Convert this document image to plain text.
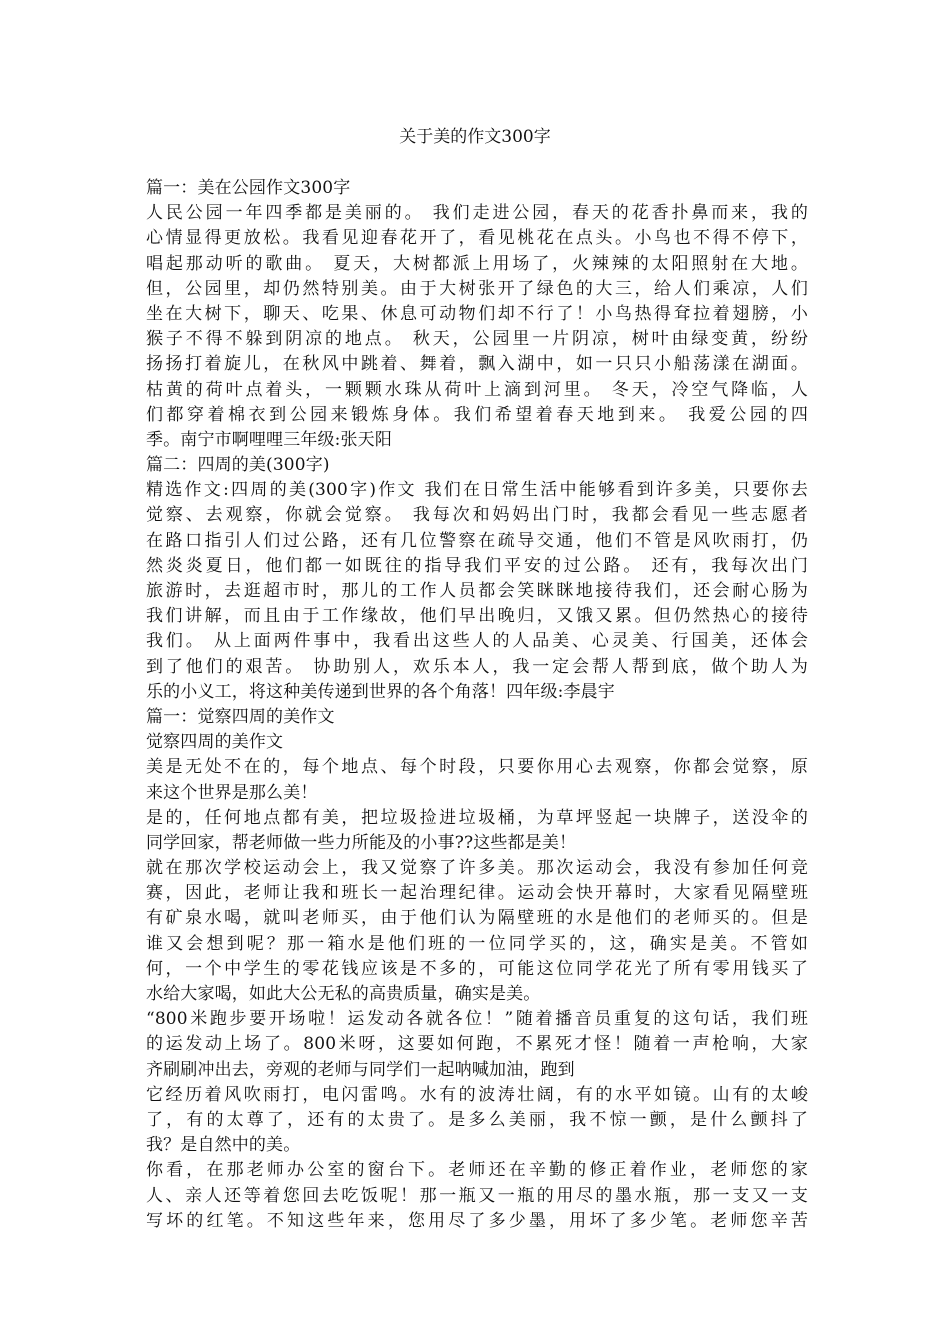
关于美的作文300字
篇一：美在公园作文300字
人民公园一年四季都是美丽的。 我们走进公园，春天的花香扑鼻而来，我的
心情显得更放松。我看见迎春花开了，看见桃花在点头。小鸟也不得不停下，
唱起那动听的歌曲。 夏天，大树都派上用场了，火辣辣的太阳照射在大地。
但，公园里，却仍然特别美。由于大树张开了绿色的大三，给人们乘凉，人们
坐在大树下，聊天、吃果、休息可动物们却不行了！小鸟热得耷拉着翅膀，小
猴子不得不躲到阴凉的地点。 秋天，公园里一片阴凉，树叶由绿变黄，纷纷
扬扬打着旋儿，在秋风中跳着、舞着，飘入湖中，如一只只小船荡漾在湖面。
枯黄的荷叶点着头，一颗颗水珠从荷叶上滴到河里。 冬天，冷空气降临，人
们都穿着棉衣到公园来锻炼身体。我们希望着春天地到来。 我爱公园的四
季。南宁市啊哩哩三年级:张天阳
篇二：四周的美(300字)
精选作文:四周的美(300字)作文 我们在日常生活中能够看到许多美，只要你去
觉察、去观察，你就会觉察。 我每次和妈妈出门时，我都会看见一些志愿者
在路口指引人们过公路，还有几位警察在疏导交通，他们不管是风吹雨打，仍
然炎炎夏日，他们都一如既往的指导我们平安的过公路。 还有，我每次出门
旅游时，去逛超市时，那儿的工作人员都会笑眯眯地接待我们，还会耐心肠为
我们讲解，而且由于工作缘故，他们早出晚归，又饿又累。但仍然热心的接待
我们。 从上面两件事中，我看出这些人的人品美、心灵美、行国美，还体会
到了他们的艰苦。 协助别人，欢乐本人，我一定会帮人帮到底，做个助人为
乐的小义工，将这种美传递到世界的各个角落！四年级:李晨宇
篇一：觉察四周的美作文
觉察四周的美作文
美是无处不在的，每个地点、每个时段，只要你用心去观察，你都会觉察，原
来这个世界是那么美！
是的，任何地点都有美，把垃圾捡进垃圾桶，为草坪竖起一块牌子，送没伞的
同学回家，帮老师做一些力所能及的小事??这些都是美！
就在那次学校运动会上，我又觉察了许多美。那次运动会，我没有参加任何竞
赛，因此，老师让我和班长一起治理纪律。运动会快开幕时，大家看见隔壁班
有矿泉水喝，就叫老师买，由于他们认为隔壁班的水是他们的老师买的。但是
谁又会想到呢？那一箱水是他们班的一位同学买的，这，确实是美。不管如
何，一个中学生的零花钱应该是不多的，可能这位同学花光了所有零用钱买了
水给大家喝，如此大公无私的高贵质量，确实是美。
“800米跑步要开场啦！运发动各就各位！”随着播音员重复的这句话，我们班
的运发动上场了。800米呀，这要如何跑，不累死才怪！随着一声枪响，大家
齐刷刷冲出去，旁观的老师与同学们一起呐喊加油，跑到
它经历着风吹雨打，电闪雷鸣。水有的波涛壮阔，有的水平如镜。山有的太峻
了，有的太尊了，还有的太贵了。是多么美丽，我不惊一颤，是什么颤抖了
我？是自然中的美。
你看，在那老师办公室的窗台下。老师还在辛勤的修正着作业，老师您的家
人、亲人还等着您回去吃饭呢！那一瓶又一瓶的用尽的墨水瓶，那一支又一支
写坏的红笔。不知这些年来，您用尽了多少墨，用坏了多少笔。老师您辛苦
